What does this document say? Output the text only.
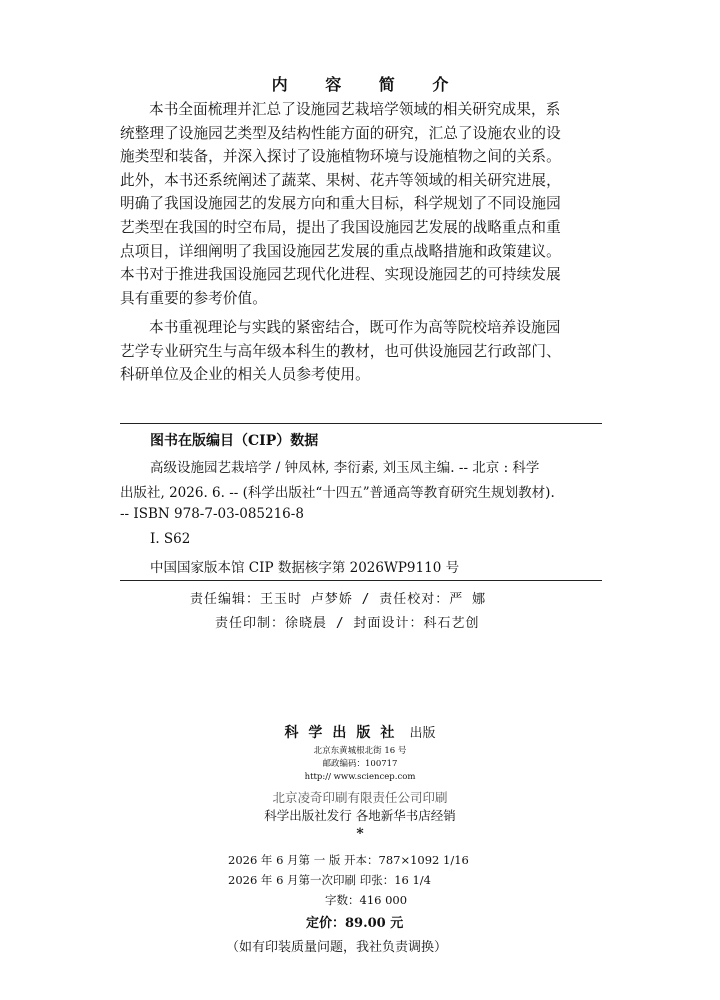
内 容 简 介
本书全面梳理并汇总了设施园艺栽培学领域的相关研究成果，系
统整理了设施园艺类型及结构性能方面的研究，汇总了设施农业的设
施类型和装备，并深入探讨了设施植物环境与设施植物之间的关系。
此外，本书还系统阐述了蔬菜、果树、花卉等领域的相关研究进展，
明确了我国设施园艺的发展方向和重大目标，科学规划了不同设施园
艺类型在我国的时空布局，提出了我国设施园艺发展的战略重点和重
点项目，详细阐明了我国设施园艺发展的重点战略措施和政策建议。
本书对于推进我国设施园艺现代化进程、实现设施园艺的可持续发展
具有重要的参考价值。
本书重视理论与实践的紧密结合，既可作为高等院校培养设施园
艺学专业研究生与高年级本科生的教材，也可供设施园艺行政部门、
科研单位及企业的相关人员参考使用。
图书在版编目（CIP）数据
高级设施园艺栽培学 / 钟凤林, 李衍素, 刘玉凤主编. -- 北京 : 科学
出版社, 2026. 6. -- (科学出版社“十四五”普通高等教育研究生规划教材).
-- ISBN 978-7-03-085216-8
I. S62
中国国家版本馆 CIP 数据核字第 2026WP9110 号
责任编辑：王玉时 卢梦娇 / 责任校对：严 娜
责任印制：徐晓晨 / 封面设计：科石艺创
科学出版社 出版
北京东黄城根北街 16 号
邮政编码：100717
http:// www.sciencep.com
北京凌奇印刷有限责任公司印刷
科学出版社发行 各地新华书店经销
*
2026 年 6 月第 一 版 开本：787×1092 1/16
2026 年 6 月第一次印刷 印张：16 1/4
字数：416 000
定价：89.00 元
（如有印装质量问题，我社负责调换）
